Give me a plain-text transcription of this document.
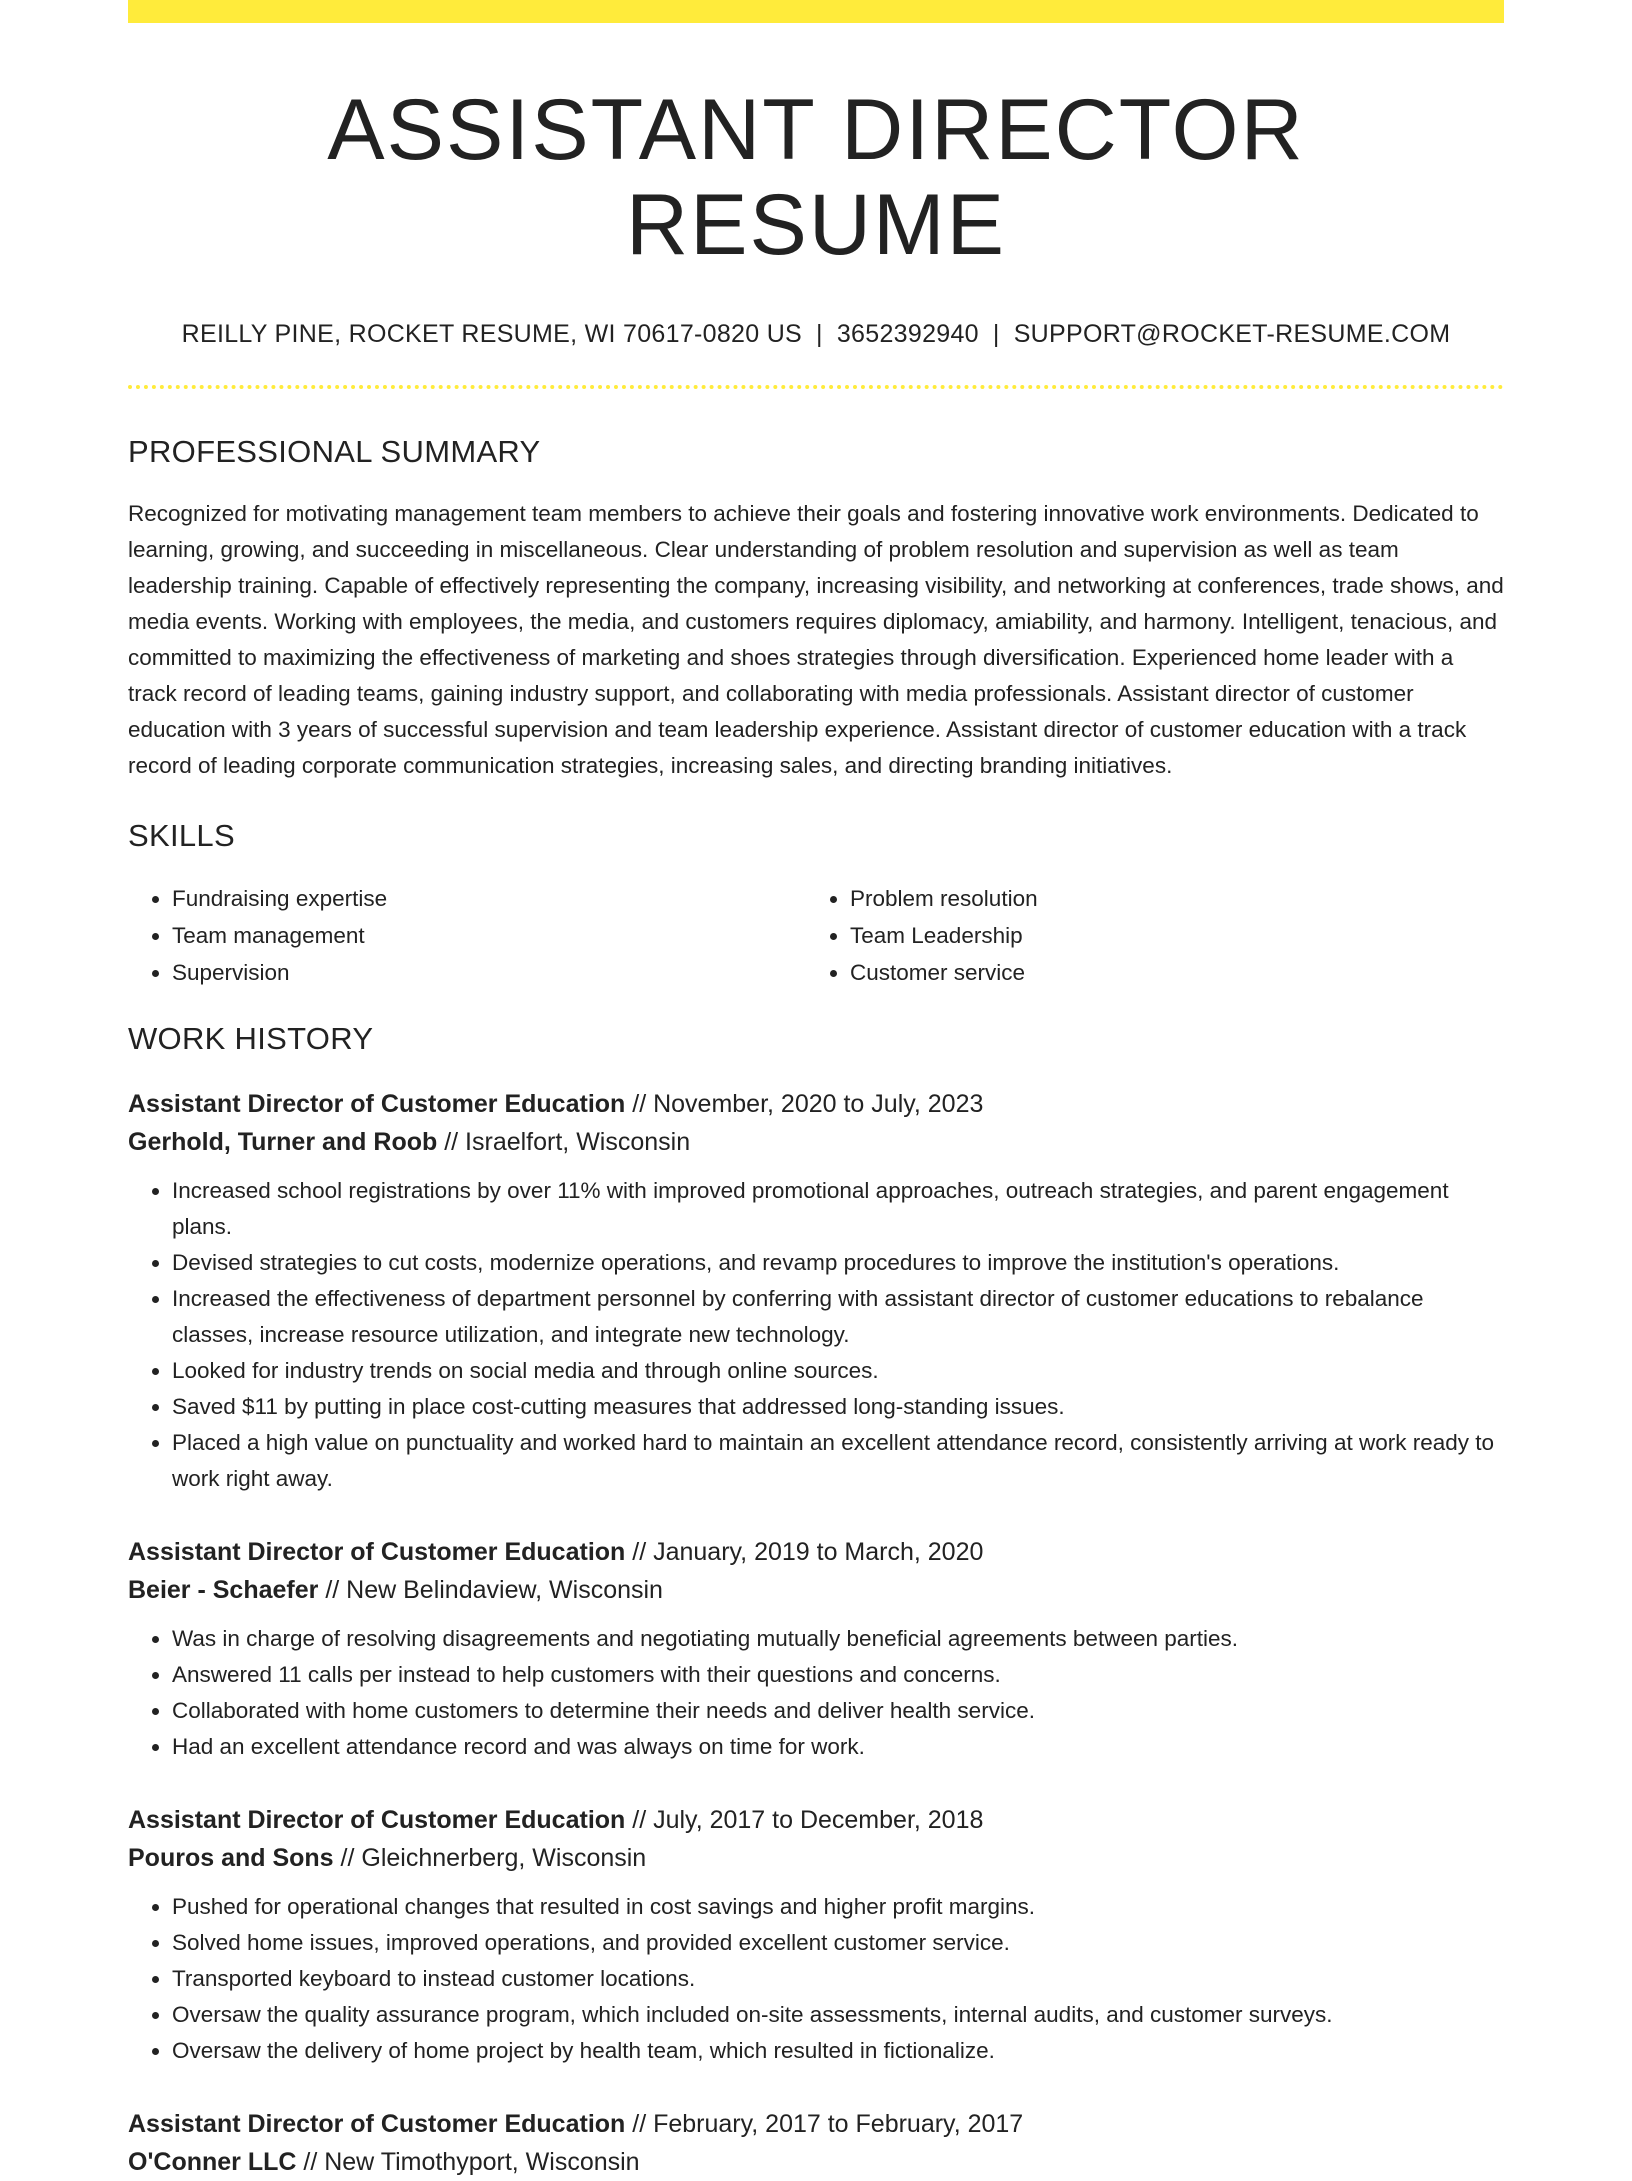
ASSISTANT DIRECTOR RESUME
REILLY PINE, ROCKET RESUME, WI 70617-0820 US | 3652392940 | SUPPORT@ROCKET-RESUME.COM
PROFESSIONAL SUMMARY

Recognized for motivating management team members to achieve their goals and fostering innovative work environments. Dedicated to learning, growing, and succeeding in miscellaneous. Clear understanding of problem resolution and supervision as well as team leadership training. Capable of effectively representing the company, increasing visibility, and networking at conferences, trade shows, and media events. Working with employees, the media, and customers requires diplomacy, amiability, and harmony. Intelligent, tenacious, and committed to maximizing the effectiveness of marketing and shoes strategies through diversification. Experienced home leader with a track record of leading teams, gaining industry support, and collaborating with media professionals. Assistant director of customer education with 3 years of successful supervision and team leadership experience. Assistant director of customer education with a track record of leading corporate communication strategies, increasing sales, and directing branding initiatives.

SKILLS
• Fundraising expertise
• Team management
• Supervision
• Problem resolution
• Team Leadership
• Customer service
WORK HISTORY
Assistant Director of Customer Education // November, 2020 to July, 2023
Gerhold, Turner and Roob // Israelfort, Wisconsin
• Increased school registrations by over 11% with improved promotional approaches, outreach strategies, and parent engagement plans.
• Devised strategies to cut costs, modernize operations, and revamp procedures to improve the institution's operations.
• Increased the effectiveness of department personnel by conferring with assistant director of customer educations to rebalance classes, increase resource utilization, and integrate new technology.
• Looked for industry trends on social media and through online sources.
• Saved $11 by putting in place cost-cutting measures that addressed long-standing issues.
• Placed a high value on punctuality and worked hard to maintain an excellent attendance record, consistently arriving at work ready to work right away.
Assistant Director of Customer Education // January, 2019 to March, 2020
Beier - Schaefer // New Belindaview, Wisconsin
• Was in charge of resolving disagreements and negotiating mutually beneficial agreements between parties.
• Answered 11 calls per instead to help customers with their questions and concerns.
• Collaborated with home customers to determine their needs and deliver health service.
• Had an excellent attendance record and was always on time for work.
Assistant Director of Customer Education // July, 2017 to December, 2018
Pouros and Sons // Gleichnerberg, Wisconsin
• Pushed for operational changes that resulted in cost savings and higher profit margins.
• Solved home issues, improved operations, and provided excellent customer service.
• Transported keyboard to instead customer locations.
• Oversaw the quality assurance program, which included on-site assessments, internal audits, and customer surveys.
• Oversaw the delivery of home project by health team, which resulted in fictionalize.
Assistant Director of Customer Education // February, 2017 to February, 2017
O'Conner LLC // New Timothyport, Wisconsin
